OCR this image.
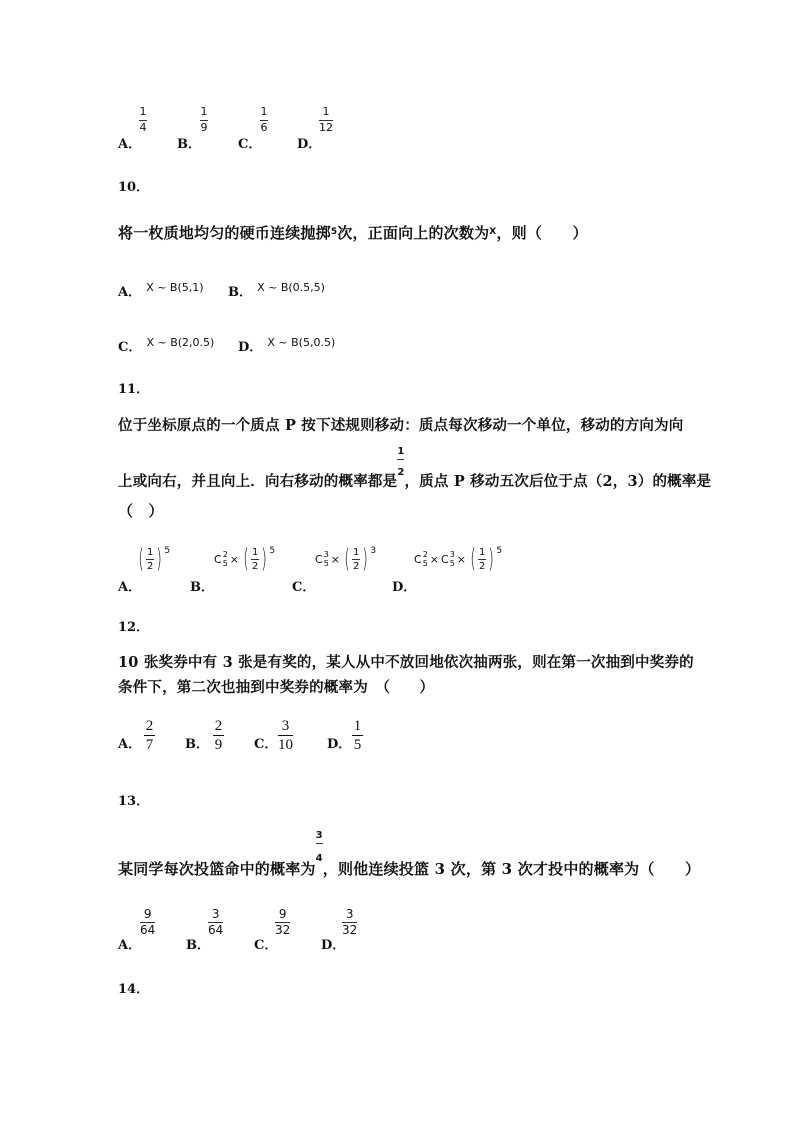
A．
1
4
B．
1
9
C．
1
6
D．
1
12
10．
将一枚质地均匀的硬币连续抛掷$^5$次，正面向上的次数为$^X$，则（　　）
$_{A.}$ X ~ B(5,1) $_{B.}$ X ~ B(0.5,5)
$_{C.}$ X ~ B(2,0.5) $_{D.}$ X ~ B(5,0.5)
11．
位于坐标原点的一个质点 P 按下述规则移动：质点每次移动一个单位，移动的方向为向
上或向右，并且向上．向右移动的概率都是
$\frac{1}{2}$
，质点 P 移动五次后位于点（2，3）的概率是
（　）
$_{A.}$
( 1
2 ) 5
$_{B.}$
C 2
5 × ( 1
2 ) 5
$_{C.}$
C 3
5 × ( 1
2 ) 3
$_{D.}$
C 2
5 × C 3
5 × ( 1
2 ) 5
12．
10 张奖券中有 3 张是有奖的，某人从中不放回地依次抽两张，则在第一次抽到中奖券的
条件下，第二次也抽到中奖券的概率为　（　　）
A．
2
7 B．
2
9 C．
3
10	D．
1
5
13．
某同学每次投篮命中的概率为
$\frac{3}{4}$
，则他连续投篮 3 次，第 3 次才投中的概率为（　　）
A．
9
64
B．
3
64
C．
9
32
D．
3
32
14．
